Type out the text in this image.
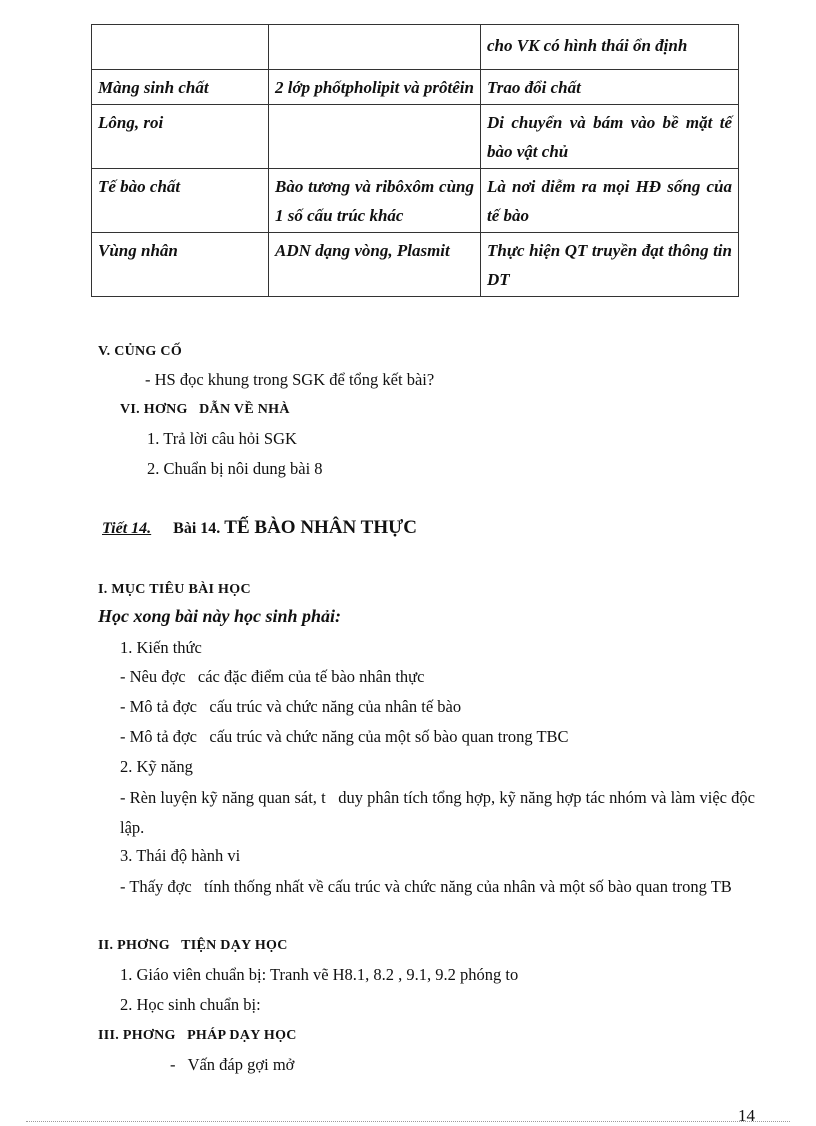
		cho VK có hình thái ổn định
Màng sinh chất	2 lớp phốtpholipit và prôtêin	Trao đổi chất
Lông, roi		Di chuyển và bám vào bề mặt tế bào vật chủ
Tế bào chất	Bào tương và ribôxôm cùng 1 số cấu trúc khác	Là nơi diễm ra mọi HĐ sống của tế bào
Vùng nhân	ADN dạng vòng, Plasmit	Thực hiện QT truyền đạt thông tin DT
V. CỦNG CỐ
- HS đọc khung trong SGK để tổng kết bài?
VI. HƠNG   DẪN VỀ NHÀ
1. Trả lời câu hỏi SGK
2. Chuẩn bị nôi dung bài 8
Tiết 14. Bài 14. TẾ BÀO NHÂN THỰC
I. MỤC TIÊU BÀI HỌC
Học xong bài này học sinh phải:
1. Kiến thức
- Nêu đợc   các đặc điểm của tế bào nhân thực
- Mô tả đợc   cấu trúc và chức năng của nhân tế bào
- Mô tả đợc   cấu trúc và chức năng của một số bào quan trong TBC
2. Kỹ năng
- Rèn luyện kỹ năng quan sát, t   duy phân tích tổng hợp, kỹ năng hợp tác nhóm và làm việc độc lập.
3. Thái độ hành vi
- Thấy đợc   tính thống nhất về cấu trúc và chức năng của nhân và một số bào quan trong TB
II. PHƠNG   TIỆN DẠY HỌC
1. Giáo viên chuẩn bị: Tranh vẽ H8.1, 8.2 , 9.1, 9.2 phóng to
2. Học sinh chuẩn bị:
III. PHƠNG   PHÁP DẠY HỌC
-   Vấn đáp gợi mở
14
